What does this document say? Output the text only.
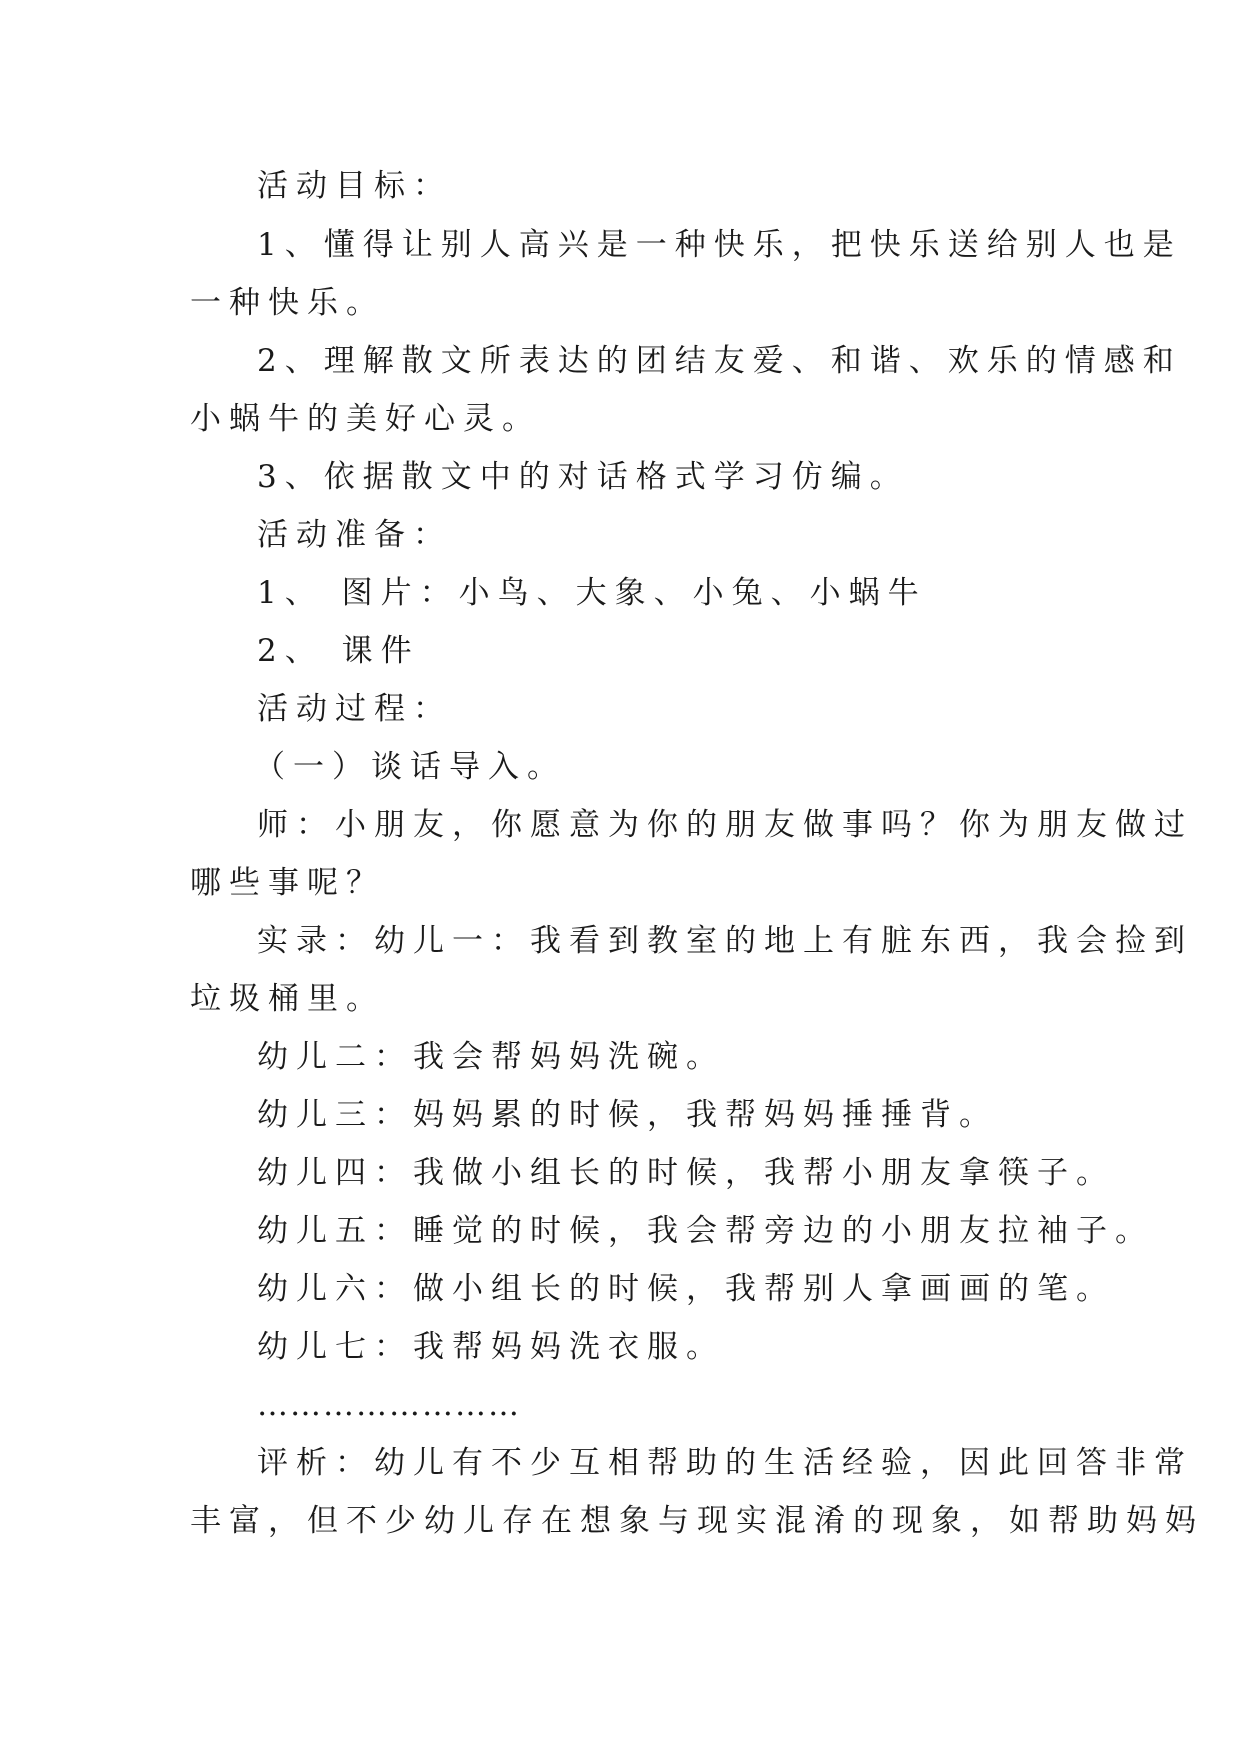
活动目标：
1、懂得让别人高兴是一种快乐，把快乐送给别人也是
一种快乐。
2、理解散文所表达的团结友爱、和谐、欢乐的情感和
小蜗牛的美好心灵。
3、依据散文中的对话格式学习仿编。
活动准备：
1、 图片：小鸟、大象、小兔、小蜗牛
2、 课件
活动过程：
（一）谈话导入。
师：小朋友，你愿意为你的朋友做事吗？你为朋友做过
哪些事呢？
实录：幼儿一：我看到教室的地上有脏东西，我会捡到
垃圾桶里。
幼儿二：我会帮妈妈洗碗。
幼儿三：妈妈累的时候，我帮妈妈捶捶背。
幼儿四：我做小组长的时候，我帮小朋友拿筷子。
幼儿五：睡觉的时候，我会帮旁边的小朋友拉袖子。
幼儿六：做小组长的时候，我帮别人拿画画的笔。
幼儿七：我帮妈妈洗衣服。
……………………
评析：幼儿有不少互相帮助的生活经验，因此回答非常
丰富，但不少幼儿存在想象与现实混淆的现象，如帮助妈妈
